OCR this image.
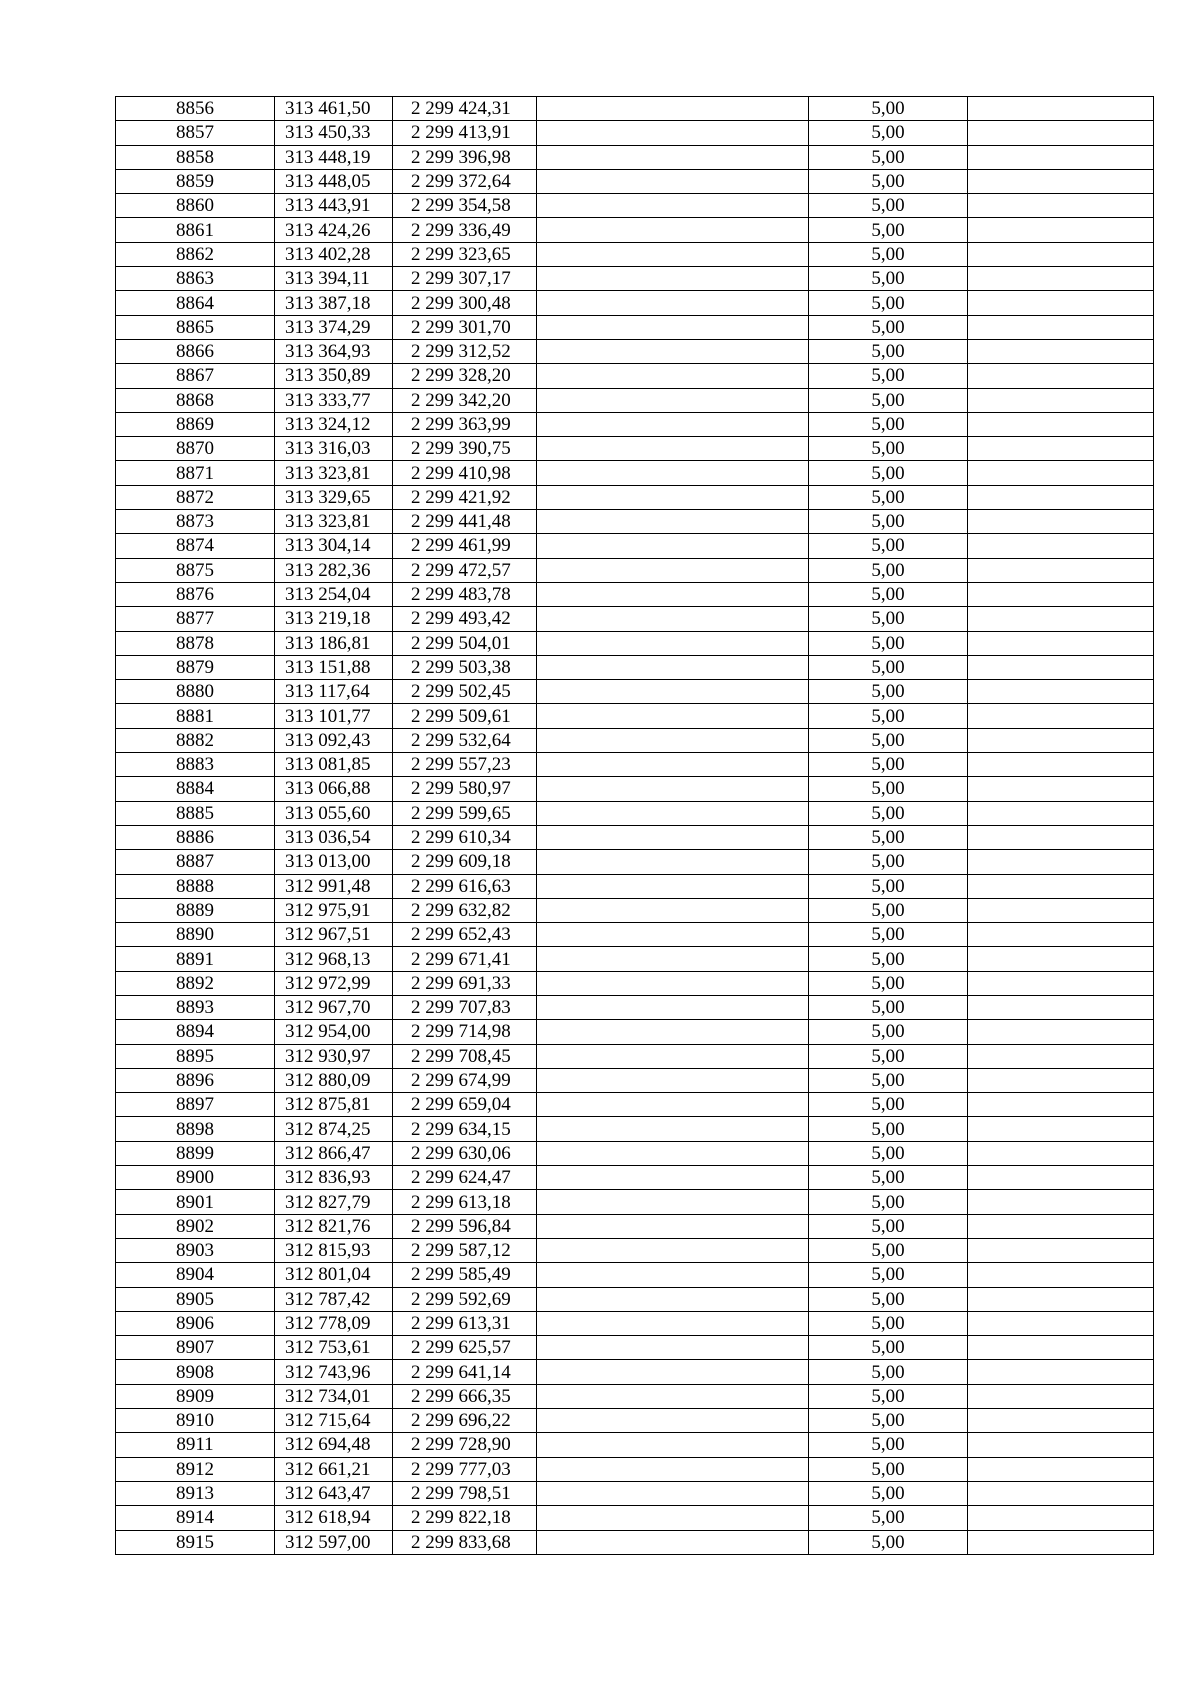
8856	313 461,50	2 299 424,31		5,00	
8857	313 450,33	2 299 413,91		5,00	
8858	313 448,19	2 299 396,98		5,00	
8859	313 448,05	2 299 372,64		5,00	
8860	313 443,91	2 299 354,58		5,00	
8861	313 424,26	2 299 336,49		5,00	
8862	313 402,28	2 299 323,65		5,00	
8863	313 394,11	2 299 307,17		5,00	
8864	313 387,18	2 299 300,48		5,00	
8865	313 374,29	2 299 301,70		5,00	
8866	313 364,93	2 299 312,52		5,00	
8867	313 350,89	2 299 328,20		5,00	
8868	313 333,77	2 299 342,20		5,00	
8869	313 324,12	2 299 363,99		5,00	
8870	313 316,03	2 299 390,75		5,00	
8871	313 323,81	2 299 410,98		5,00	
8872	313 329,65	2 299 421,92		5,00	
8873	313 323,81	2 299 441,48		5,00	
8874	313 304,14	2 299 461,99		5,00	
8875	313 282,36	2 299 472,57		5,00	
8876	313 254,04	2 299 483,78		5,00	
8877	313 219,18	2 299 493,42		5,00	
8878	313 186,81	2 299 504,01		5,00	
8879	313 151,88	2 299 503,38		5,00	
8880	313 117,64	2 299 502,45		5,00	
8881	313 101,77	2 299 509,61		5,00	
8882	313 092,43	2 299 532,64		5,00	
8883	313 081,85	2 299 557,23		5,00	
8884	313 066,88	2 299 580,97		5,00	
8885	313 055,60	2 299 599,65		5,00	
8886	313 036,54	2 299 610,34		5,00	
8887	313 013,00	2 299 609,18		5,00	
8888	312 991,48	2 299 616,63		5,00	
8889	312 975,91	2 299 632,82		5,00	
8890	312 967,51	2 299 652,43		5,00	
8891	312 968,13	2 299 671,41		5,00	
8892	312 972,99	2 299 691,33		5,00	
8893	312 967,70	2 299 707,83		5,00	
8894	312 954,00	2 299 714,98		5,00	
8895	312 930,97	2 299 708,45		5,00	
8896	312 880,09	2 299 674,99		5,00	
8897	312 875,81	2 299 659,04		5,00	
8898	312 874,25	2 299 634,15		5,00	
8899	312 866,47	2 299 630,06		5,00	
8900	312 836,93	2 299 624,47		5,00	
8901	312 827,79	2 299 613,18		5,00	
8902	312 821,76	2 299 596,84		5,00	
8903	312 815,93	2 299 587,12		5,00	
8904	312 801,04	2 299 585,49		5,00	
8905	312 787,42	2 299 592,69		5,00	
8906	312 778,09	2 299 613,31		5,00	
8907	312 753,61	2 299 625,57		5,00	
8908	312 743,96	2 299 641,14		5,00	
8909	312 734,01	2 299 666,35		5,00	
8910	312 715,64	2 299 696,22		5,00	
8911	312 694,48	2 299 728,90		5,00	
8912	312 661,21	2 299 777,03		5,00	
8913	312 643,47	2 299 798,51		5,00	
8914	312 618,94	2 299 822,18		5,00	
8915	312 597,00	2 299 833,68		5,00	
